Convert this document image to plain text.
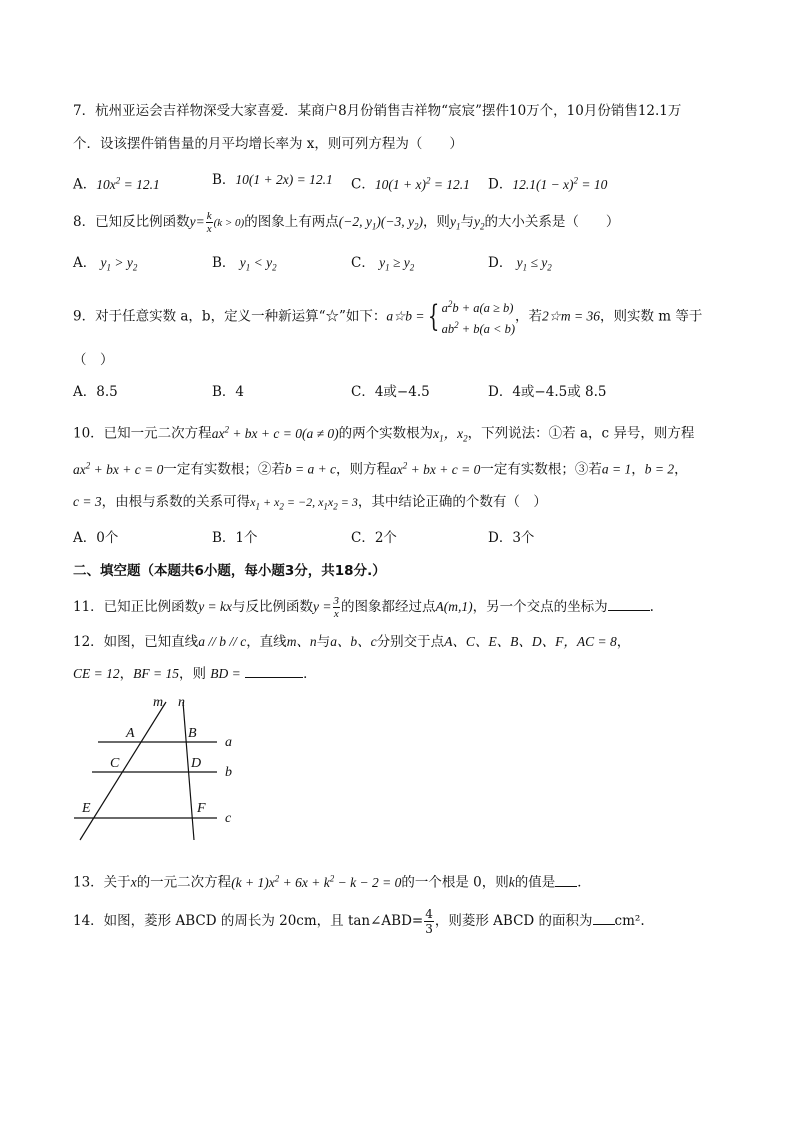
7．杭州亚运会吉祥物深受大家喜爱．某商户8月份销售吉祥物“宸宸”摆件10万个，10月份销售12.1万
个．设该摆件销售量的月平均增长率为 x，则可列方程为（　　）
A．$10x^2 = 12.1$	B．10(1 + 2x) = 12.1 C．$10(1 + x)^2 = 12.1$ D．$12.1(1 - x)^2 = 10$
8．已知反比例函数$y= \frac{k}{x} (k > 0)$的图象上有两点(−2, $y_1)(-3$, $y_2$)，则$y_1$与$y_2$的大小关系是（　　）
A． $y_1 > y_2$	B． $y_1 < y_2$	C． $y_1 \ge y_2$	D． $y_1 \le y_2$
9．对于任意实数 a，b，定义一种新运算“☆”如下：a☆b = { $a^2b + a(a \ge b)$
$ab^2 + b(a < b)$
，若2☆m = 36，则实数 m 等于
（　）
A．8.5	B．4	C．4或−4.5	D．4或−4.5或 8.5
10．已知一元二次方程$ax^2$ + bx + c = 0(a ≠ 0)的两个实数根为$x_1$，$x_2$，下列说法：①若 a，c 异号，则方程
$ax^2$ + bx + c = 0一定有实数根；②若b = a + c，则方程$ax^2$ + bx + c = 0一定有实数根；③若a = 1，b = 2，
c = 3，由根与系数的关系可得$x_1 + x_2 = -2$, $x_1x_2 = 3$，其中结论正确的个数有（　）
A．0个	B．1个	C．2个	D．3个
二、填空题（本题共6小题，每小题3分，共18分.）
11．已知正比例函数y = kx与反比例函数$y = \frac{3}{x}$ 的图象都经过点A(m,1)，另一个交点的坐标为	.
12．如图，已知直线a // b // c，直线m、n与a、b、c分别交于点A、C、E、B、D、F，AC = 8，
CE = 12，BF = 15，则 BD =	．
m n
A	B
a
C	D
b
E	F
c
13．关于x的一元二次方程$(k + 1)x^2 + 6x + k^2 - k - 2 = 0$的一个根是 0，则k的值是 ．
14．如图，菱形 ABCD 的周长为 20cm，且 tan∠ABD= $\frac{4}{3}$ ，则菱形 ABCD 的面积为 cm².
